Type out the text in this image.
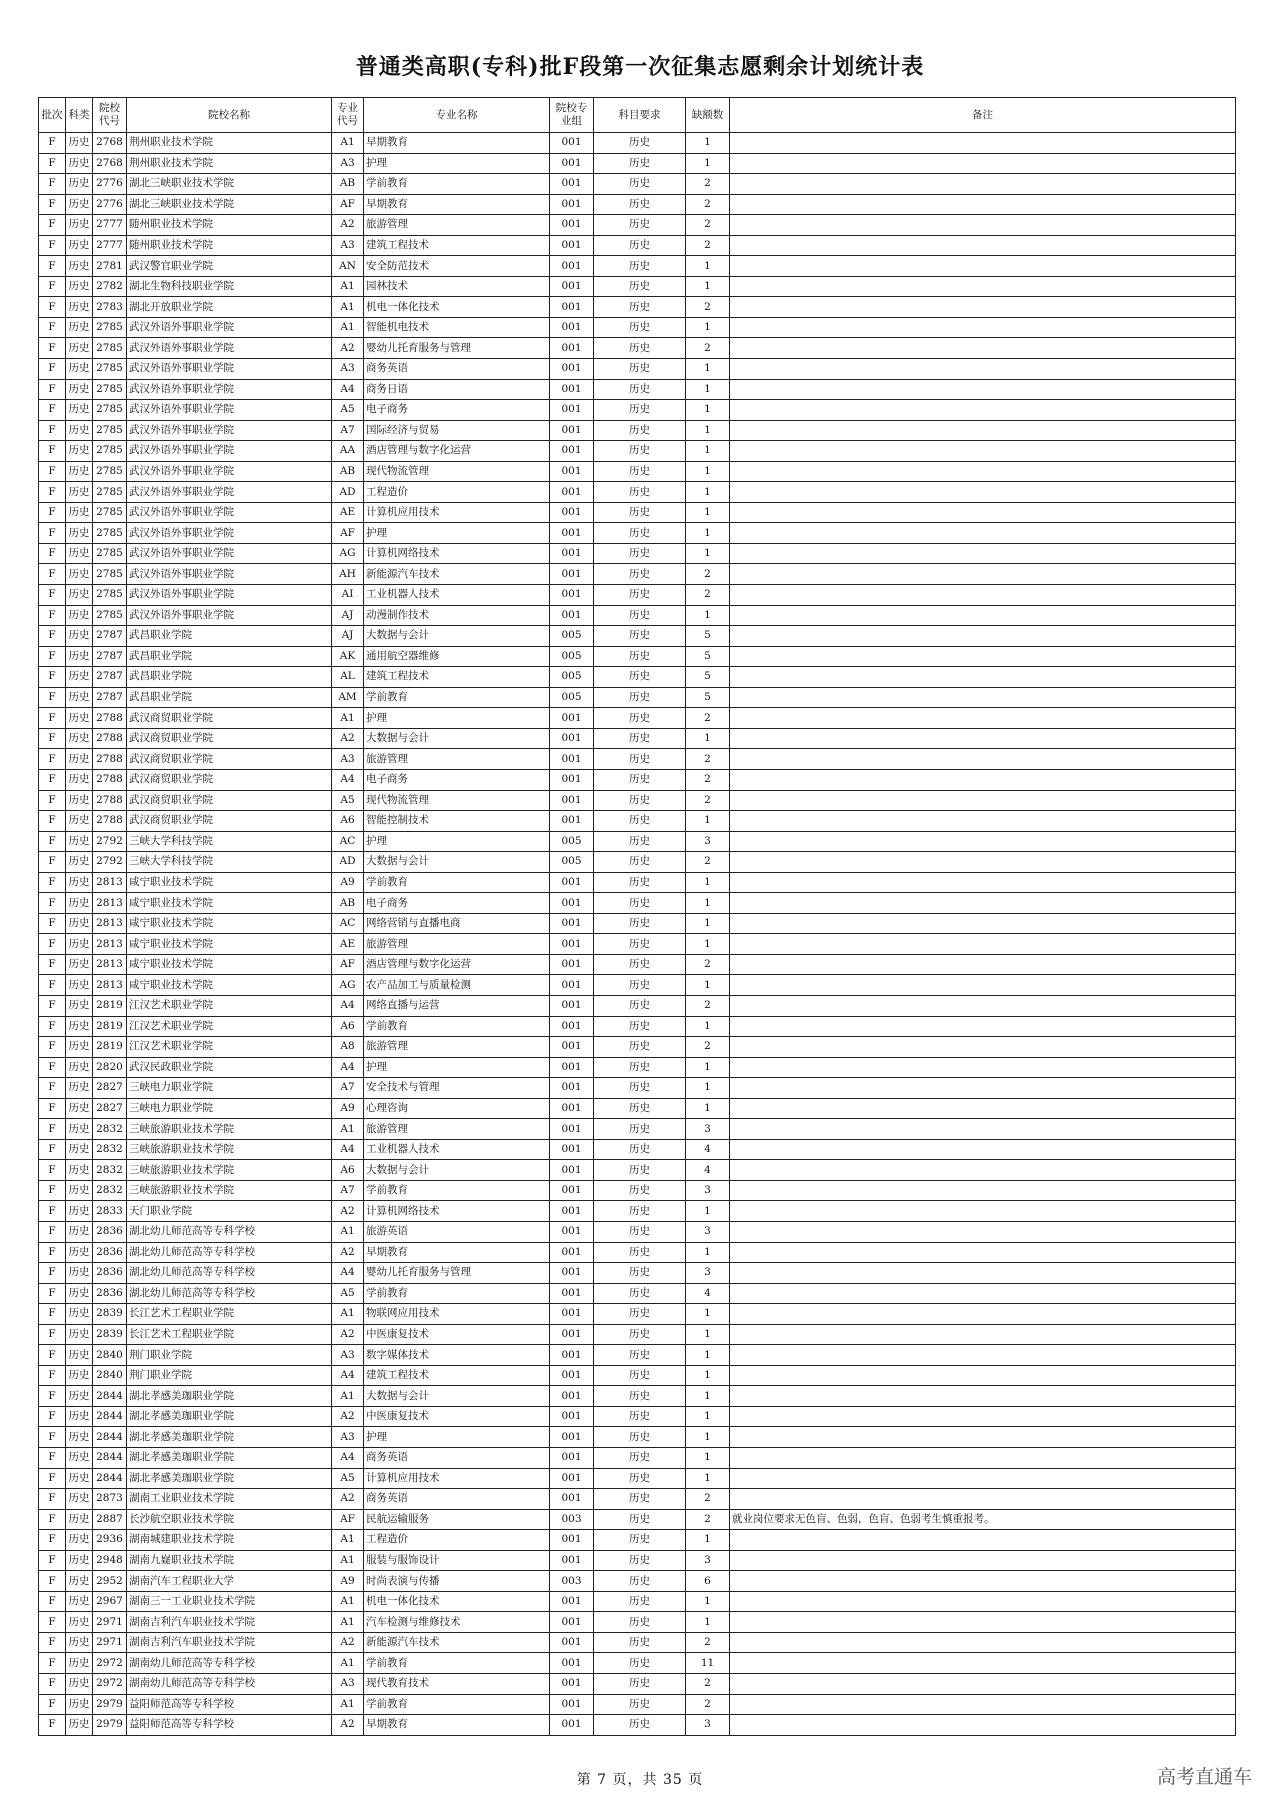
普通类高职(专科)批F段第一次征集志愿剩余计划统计表
批次	科类	院校代号	院校名称	专业代号	专业名称	院校专业组	科目要求	缺额数	备注
F	历史	2768	荆州职业技术学院	A1	早期教育	001	历史	1	
F	历史	2768	荆州职业技术学院	A3	护理	001	历史	1	
F	历史	2776	湖北三峡职业技术学院	AB	学前教育	001	历史	2	
F	历史	2776	湖北三峡职业技术学院	AF	早期教育	001	历史	2	
F	历史	2777	随州职业技术学院	A2	旅游管理	001	历史	2	
F	历史	2777	随州职业技术学院	A3	建筑工程技术	001	历史	2	
F	历史	2781	武汉警官职业学院	AN	安全防范技术	001	历史	1	
F	历史	2782	湖北生物科技职业学院	A1	园林技术	001	历史	1	
F	历史	2783	湖北开放职业学院	A1	机电一体化技术	001	历史	2	
F	历史	2785	武汉外语外事职业学院	A1	智能机电技术	001	历史	1	
F	历史	2785	武汉外语外事职业学院	A2	婴幼儿托育服务与管理	001	历史	2	
F	历史	2785	武汉外语外事职业学院	A3	商务英语	001	历史	1	
F	历史	2785	武汉外语外事职业学院	A4	商务日语	001	历史	1	
F	历史	2785	武汉外语外事职业学院	A5	电子商务	001	历史	1	
F	历史	2785	武汉外语外事职业学院	A7	国际经济与贸易	001	历史	1	
F	历史	2785	武汉外语外事职业学院	AA	酒店管理与数字化运营	001	历史	1	
F	历史	2785	武汉外语外事职业学院	AB	现代物流管理	001	历史	1	
F	历史	2785	武汉外语外事职业学院	AD	工程造价	001	历史	1	
F	历史	2785	武汉外语外事职业学院	AE	计算机应用技术	001	历史	1	
F	历史	2785	武汉外语外事职业学院	AF	护理	001	历史	1	
F	历史	2785	武汉外语外事职业学院	AG	计算机网络技术	001	历史	1	
F	历史	2785	武汉外语外事职业学院	AH	新能源汽车技术	001	历史	2	
F	历史	2785	武汉外语外事职业学院	AI	工业机器人技术	001	历史	2	
F	历史	2785	武汉外语外事职业学院	AJ	动漫制作技术	001	历史	1	
F	历史	2787	武昌职业学院	AJ	大数据与会计	005	历史	5	
F	历史	2787	武昌职业学院	AK	通用航空器维修	005	历史	5	
F	历史	2787	武昌职业学院	AL	建筑工程技术	005	历史	5	
F	历史	2787	武昌职业学院	AM	学前教育	005	历史	5	
F	历史	2788	武汉商贸职业学院	A1	护理	001	历史	2	
F	历史	2788	武汉商贸职业学院	A2	大数据与会计	001	历史	1	
F	历史	2788	武汉商贸职业学院	A3	旅游管理	001	历史	2	
F	历史	2788	武汉商贸职业学院	A4	电子商务	001	历史	2	
F	历史	2788	武汉商贸职业学院	A5	现代物流管理	001	历史	2	
F	历史	2788	武汉商贸职业学院	A6	智能控制技术	001	历史	1	
F	历史	2792	三峡大学科技学院	AC	护理	005	历史	3	
F	历史	2792	三峡大学科技学院	AD	大数据与会计	005	历史	2	
F	历史	2813	咸宁职业技术学院	A9	学前教育	001	历史	1	
F	历史	2813	咸宁职业技术学院	AB	电子商务	001	历史	1	
F	历史	2813	咸宁职业技术学院	AC	网络营销与直播电商	001	历史	1	
F	历史	2813	咸宁职业技术学院	AE	旅游管理	001	历史	1	
F	历史	2813	咸宁职业技术学院	AF	酒店管理与数字化运营	001	历史	2	
F	历史	2813	咸宁职业技术学院	AG	农产品加工与质量检测	001	历史	1	
F	历史	2819	江汉艺术职业学院	A4	网络直播与运营	001	历史	2	
F	历史	2819	江汉艺术职业学院	A6	学前教育	001	历史	1	
F	历史	2819	江汉艺术职业学院	A8	旅游管理	001	历史	2	
F	历史	2820	武汉民政职业学院	A4	护理	001	历史	1	
F	历史	2827	三峡电力职业学院	A7	安全技术与管理	001	历史	1	
F	历史	2827	三峡电力职业学院	A9	心理咨询	001	历史	1	
F	历史	2832	三峡旅游职业技术学院	A1	旅游管理	001	历史	3	
F	历史	2832	三峡旅游职业技术学院	A4	工业机器人技术	001	历史	4	
F	历史	2832	三峡旅游职业技术学院	A6	大数据与会计	001	历史	4	
F	历史	2832	三峡旅游职业技术学院	A7	学前教育	001	历史	3	
F	历史	2833	天门职业学院	A2	计算机网络技术	001	历史	1	
F	历史	2836	湖北幼儿师范高等专科学校	A1	旅游英语	001	历史	3	
F	历史	2836	湖北幼儿师范高等专科学校	A2	早期教育	001	历史	1	
F	历史	2836	湖北幼儿师范高等专科学校	A4	婴幼儿托育服务与管理	001	历史	3	
F	历史	2836	湖北幼儿师范高等专科学校	A5	学前教育	001	历史	4	
F	历史	2839	长江艺术工程职业学院	A1	物联网应用技术	001	历史	1	
F	历史	2839	长江艺术工程职业学院	A2	中医康复技术	001	历史	1	
F	历史	2840	荆门职业学院	A3	数字媒体技术	001	历史	1	
F	历史	2840	荆门职业学院	A4	建筑工程技术	001	历史	1	
F	历史	2844	湖北孝感美珈职业学院	A1	大数据与会计	001	历史	1	
F	历史	2844	湖北孝感美珈职业学院	A2	中医康复技术	001	历史	1	
F	历史	2844	湖北孝感美珈职业学院	A3	护理	001	历史	1	
F	历史	2844	湖北孝感美珈职业学院	A4	商务英语	001	历史	1	
F	历史	2844	湖北孝感美珈职业学院	A5	计算机应用技术	001	历史	1	
F	历史	2873	湖南工业职业技术学院	A2	商务英语	001	历史	2	
F	历史	2887	长沙航空职业技术学院	AF	民航运输服务	003	历史	2	就业岗位要求无色盲、色弱，色盲、色弱考生慎重报考。
F	历史	2936	湖南城建职业技术学院	A1	工程造价	001	历史	1	
F	历史	2948	湖南九嶷职业技术学院	A1	服装与服饰设计	001	历史	3	
F	历史	2952	湖南汽车工程职业大学	A9	时尚表演与传播	003	历史	6	
F	历史	2967	湖南三一工业职业技术学院	A1	机电一体化技术	001	历史	1	
F	历史	2971	湖南吉利汽车职业技术学院	A1	汽车检测与维修技术	001	历史	1	
F	历史	2971	湖南吉利汽车职业技术学院	A2	新能源汽车技术	001	历史	2	
F	历史	2972	湖南幼儿师范高等专科学校	A1	学前教育	001	历史	11	
F	历史	2972	湖南幼儿师范高等专科学校	A3	现代教育技术	001	历史	2	
F	历史	2979	益阳师范高等专科学校	A1	学前教育	001	历史	2	
F	历史	2979	益阳师范高等专科学校	A2	早期教育	001	历史	3	
第 7 页，共 35 页	高考直通车
